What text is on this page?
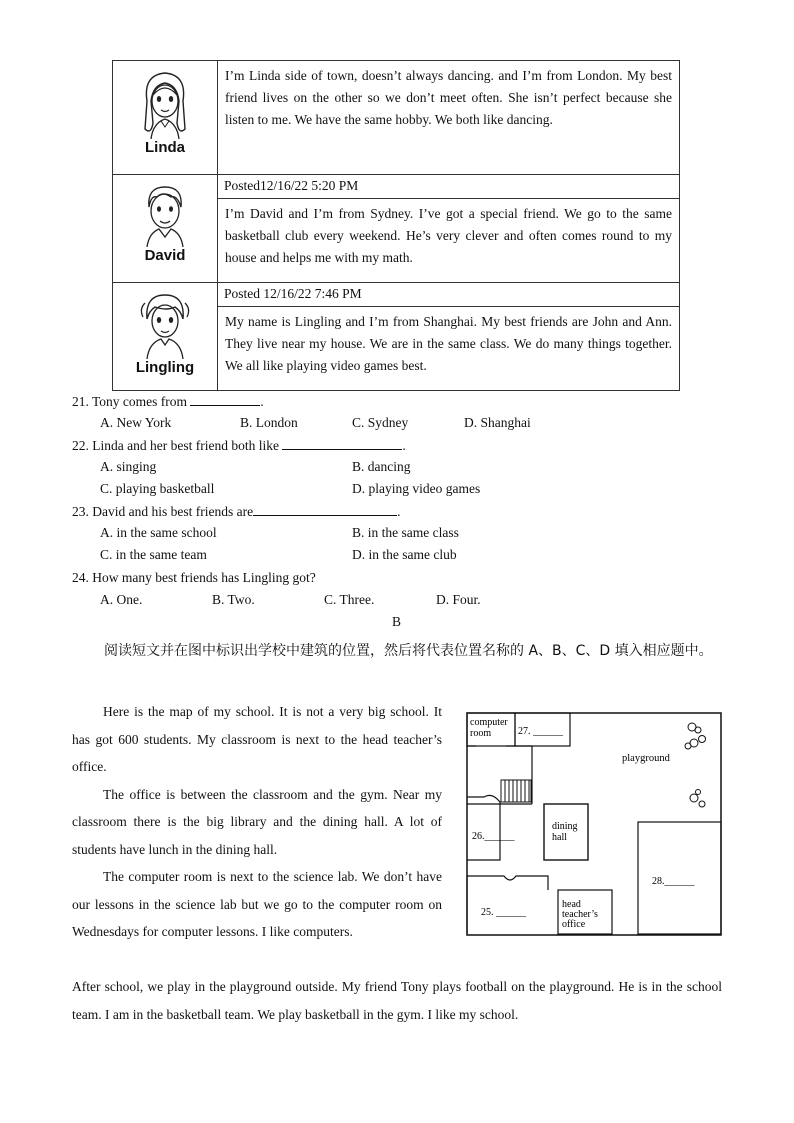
Linda	I’m Linda side of town, doesn’t always dancing. and I’m from London. My best friend lives on the other so we don’t meet often. She isn’t perfect because she listen to me. We have the same hobby. We both like dancing.

David	Posted12/16/22 5:20 PM
	I’m David and I’m from Sydney. I’ve got a special friend. We go to the same basketball club every weekend. He’s very clever and often comes round to my house and helps me with my math.

Lingling	Posted 12/16/22 7:46 PM
	My name is Lingling and I’m from Shanghai. My best friends are John and Ann. They live near my house. We are in the same class. We do many things together. We all like playing video games best.
21. Tony comes from	.
A. New York	B. London	C. Sydney	D. Shanghai
22. Linda and her best friend both like	.
A. singing	B. dancing
C. playing basketball	D. playing video games
23. David and his best friends are	.
A. in the same school	B. in the same class
C. in the same team	D. in the same club
24. How many best friends has Lingling got?
A. One.	B. Two.	C. Three.	D. Four.
B
阅读短文并在图中标识出学校中建筑的位置，然后将代表位置名称的 A、B、C、D 填入相应题中。

Here is the map of my school. It is not a very big school. It has got 600 students. My classroom is next to the head teacher’s office.

The office is between the classroom and the gym. Near my classroom there is the big library and the dining hall. A lot of students have lunch in the dining hall.

The computer room is next to the science lab. We don’t have our lessons in the science lab but we go to the computer room on Wednesdays for computer lessons. I like computers.

After school, we play in the playground outside. My friend Tony plays football on the playground. He is in the school team. I am in the basketball team. We play basketball in the gym. I like my school.
computer
room	27. ______
playground
dining
hall
26.______
28.______
25. ______
head
teacher’s
office
